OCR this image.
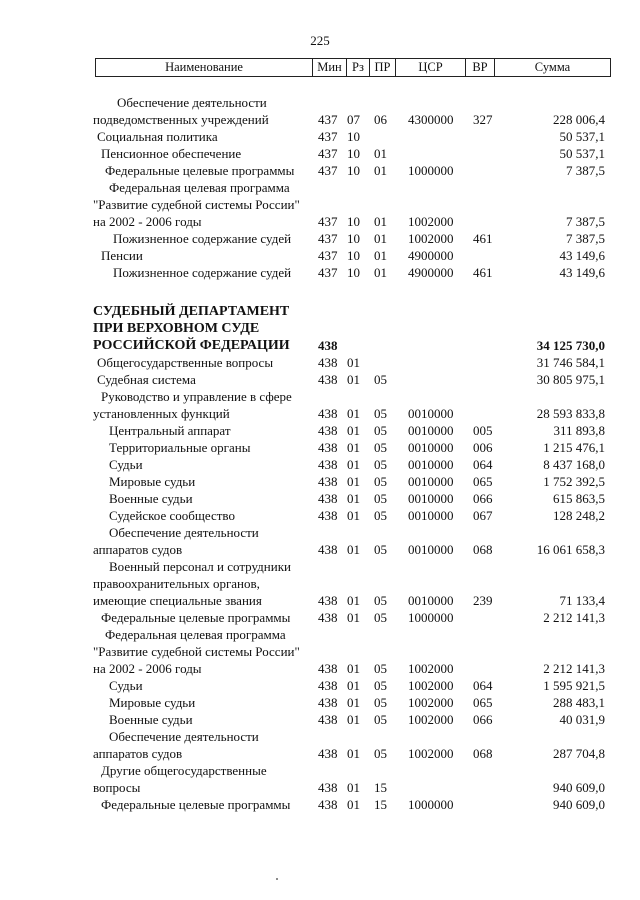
225
Наименование	Мин Рз ПР	ЦСР	ВР	Сумма
Обеспечение деятельности
подведомственных учреждений	437 07 06 4300000 327	228 006,4
Социальная политика	437 10	50 537,1
Пенсионное обеспечение	437 10 01	50 537,1
Федеральные целевые программы 437 10 01 1000000	7 387,5
Федеральная целевая программа
"Развитие судебной системы России"
на 2002 - 2006 годы	437 10 01 1002000	7 387,5
Пожизненное содержание судей 437 10 01 1002000 461	7 387,5
Пенсии	437 10 01 4900000	43 149,6
Пожизненное содержание судей 437 10 01 4900000 461	43 149,6
СУДЕБНЫЙ ДЕПАРТАМЕНТ
ПРИ ВЕРХОВНОМ СУДЕ
РОССИЙСКОЙ ФЕДЕРАЦИИ 438	34 125 730,0
Общегосударственные вопросы	438 01	31 746 584,1
Судебная система	438 01 05	30 805 975,1
Руководство и управление в сфере
установленных функций	438 01 05 0010000	28 593 833,8
Центральный аппарат	438 01 05 0010000 005	311 893,8
Территориальные органы	438 01 05 0010000 006	1 215 476,1
Судьи	438 01 05 0010000 064	8 437 168,0
Мировые судьи	438 01 05 0010000 065	1 752 392,5
Военные судьи	438 01 05 0010000 066	615 863,5
Судейское сообщество	438 01 05 0010000 067	128 248,2
Обеспечение деятельности
аппаратов судов	438 01 05 0010000 068	16 061 658,3
Военный персонал и сотрудники
правоохранительных органов,
имеющие специальные звания	438 01 05 0010000 239	71 133,4
Федеральные целевые программы 438 01 05 1000000	2 212 141,3
Федеральная целевая программа
"Развитие судебной системы России"
на 2002 - 2006 годы	438 01 05 1002000	2 212 141,3
Судьи	438 01 05 1002000 064	1 595 921,5
Мировые судьи	438 01 05 1002000 065	288 483,1
Военные судьи	438 01 05 1002000 066	40 031,9
Обеспечение деятельности
аппаратов судов	438 01 05 1002000 068	287 704,8
Другие общегосударственные
вопросы	438 01 15	940 609,0
Федеральные целевые программы 438 01 15 1000000	940 609,0
